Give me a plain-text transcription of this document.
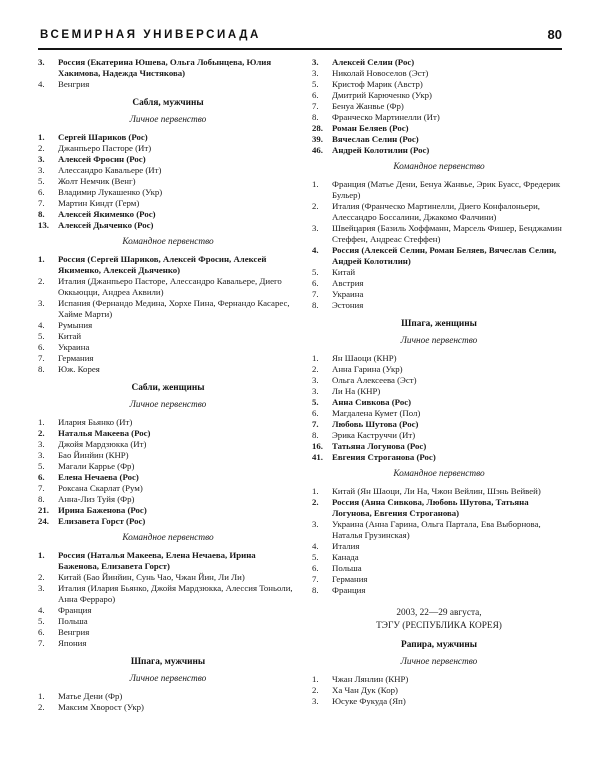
ВСЕМИРНАЯ УНИВЕРСИАДА	80
3.	Россия (Екатерина Юшева, Ольга Лобынцева, Юлия Хакимова, Надежда Чистякова)
4.	Венгрия
Сабля, мужчины
Личное первенство
1.	Сергей Шариков (Рос)
2.	Джанпьеро Пасторе (Ит)
3.	Алексей Фросин (Рос)
3.	Алессандро Кавальере (Ит)
5.	Жолт Немчик (Венг)
6.	Владимир Лукашенко (Укр)
7.	Мартин Киндт (Герм)
8.	Алексей Якименко (Рос)
13. Алексей Дьяченко (Рос)
Командное первенство
1.	Россия (Сергей Шариков, Алексей Фросин, Алексей Якименко, Алексей Дьяченко)
2.	Италия (Джанпьеро Пасторе, Алессандро Кавальере, Диего Оккьюцци, Андреа Аквили)
3.	Испания (Фернандо Медина, Хорхе Пина, Фернандо Касарес, Хайме Марти)
4.	Румыния
5.	Китай
6.	Украина
7.	Германия
8.	Юж. Корея
Сабли, женщины
Личное первенство
1.	Илария Бьянко (Ит)
2.	Наталья Макеева (Рос)
3.	Джойя Мардзюкка (Ит)
3.	Бао Йинйин (КНР)
5.	Магали Каррье (Фр)
6.	Елена Нечаева (Рос)
7.	Роксана Скарлат (Рум)
8.	Анна-Лиз Туйя (Фр)
21. Ирина Баженова (Рос)
24. Елизавета Горст (Рос)
Командное первенство
1.	Россия (Наталья Макеева, Елена Нечаева, Ирина Баженова, Елизавета Горст)
2.	Китай (Бао Йинйин, Сунь Чао, Чжан Йин, Ли Ли)
3.	Италия (Илария Бьянко, Джойя Мардзюкка, Алессия Тоньоли, Анна Ферраро)
4.	Франция
5.	Польша
6.	Венгрия
7.	Япония
Шпага, мужчины
Личное первенство
1.	Матье Дени (Фр)
2.	Максим Хворост (Укр)
3.	Алексей Селин (Рос)
3.	Николай Новоселов (Эст)
5.	Кристоф Марик (Австр)
6.	Дмитрий Карюченко (Укр)
7.	Бенуа Жанвье (Фр)
8.	Франческо Мартинелли (Ит)
28. Роман Беляев (Рос)
39. Вячеслав Селин (Рос)
46. Андрей Колотилин (Рос)
Командное первенство
1.	Франция (Матье Дени, Бенуа Жанвье, Эрик Буасс, Фредерик Бульер)
2.	Италия (Франческо Мартинелли, Диего Конфалоньери, Алессандро Боссалини, Джакомо Фалчини)
3.	Швейцария (Базиль Хоффманн, Марсель Фишер, Бенджамин Стеффен, Андреас Стеффен)
4.	Россия (Алексей Селин, Роман Беляев, Вячеслав Селин, Андрей Колотилин)
5.	Китай
6.	Австрия
7.	Украина
8.	Эстония
Шпага, женщины
Личное первенство
1.	Ян Шаоци (КНР)
2.	Анна Гарина (Укр)
3.	Ольга Алексеева (Эст)
3.	Ли На (КНР)
5.	Анна Сивкова (Рос)
6.	Магдалена Кумет (Пол)
7.	Любовь Шутова (Рос)
8.	Эрика Каструччи (Ит)
16. Татьяна Логунова (Рос)
41. Евгения Строганова (Рос)
Командное первенство
1.	Китай (Ян Шаоци, Ли На, Чжон Вейлин, Шэнь Вейвей)
2.	Россия (Анна Сивкова, Любовь Шутова, Татьяна Логунова, Евгения Строганова)
3.	Украина (Анна Гарина, Ольга Партала, Ева Выборнова, Наталья Грузинская)
4.	Италия
5.	Канада
6.	Польша
7.	Германия
8.	Франция
2003, 22—29 августа,
ТЭГУ (РЕСПУБЛИКА КОРЕЯ)
Рапира, мужчины
Личное первенство
1.	Чжан Лянлин (КНР)
2.	Ха Чан Дук (Кор)
3.	Юсуке Фукуда (Яп)
